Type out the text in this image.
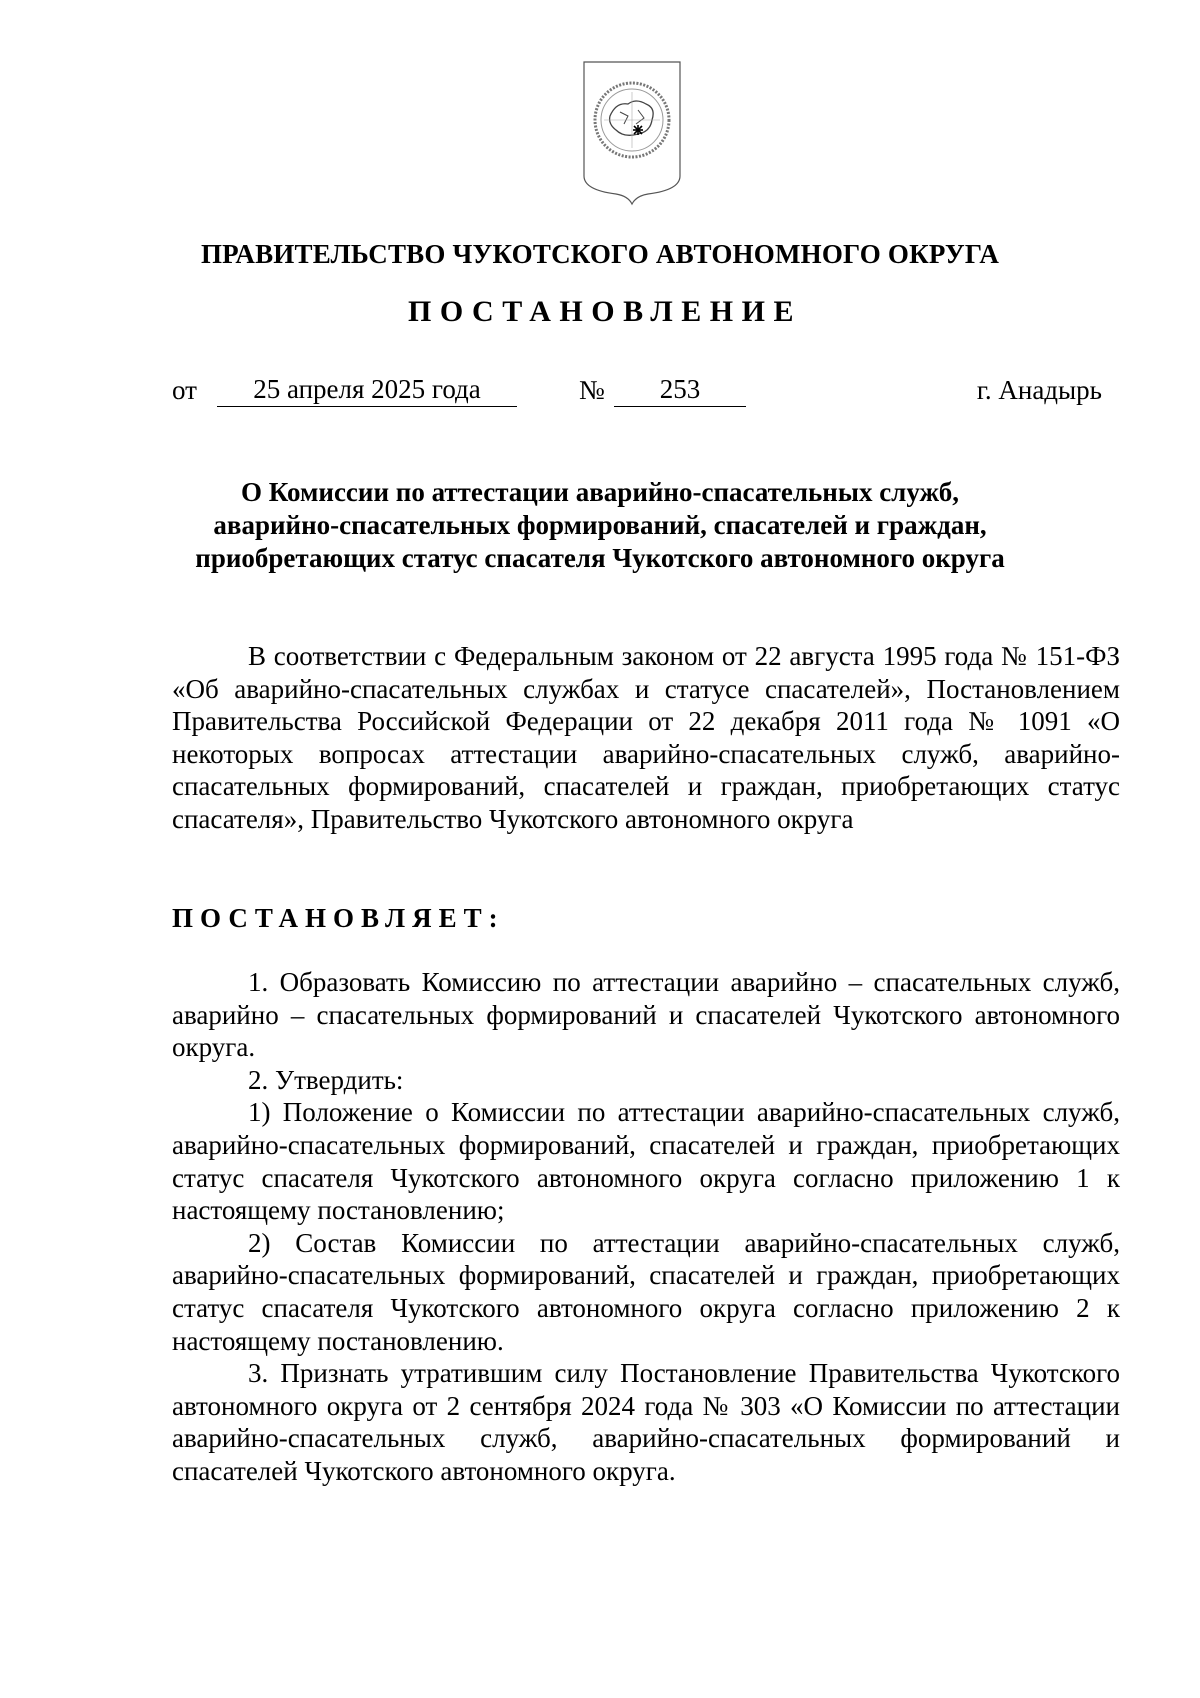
ПРАВИТЕЛЬСТВО ЧУКОТСКОГО АВТОНОМНОГО ОКРУГА
ПОСТАНОВЛЕНИЕ
от	25 апреля 2025 года	№	253	г. Анадырь
О Комиссии по аттестации аварийно-спасательных служб,
аварийно-спасательных формирований, спасателей и граждан,
приобретающих статус спасателя Чукотского автономного округа

В соответствии с Федеральным законом от 22 августа 1995 года № 151-ФЗ «Об аварийно-спасательных службах и статусе спасателей», Постановлением Правительства Российской Федерации от 22 декабря 2011 года № 1091 «О некоторых вопросах аттестации аварийно-спасательных служб, аварийно-спасательных формирований, спасателей и граждан, приобретающих статус спасателя», Правительство Чукотского автономного округа

ПОСТАНОВЛЯЕТ:

1. Образовать Комиссию по аттестации аварийно – спасательных служб, аварийно – спасательных формирований и спасателей Чукотского автономного округа.

2. Утвердить:

1) Положение о Комиссии по аттестации аварийно-спасательных служб, аварийно-спасательных формирований, спасателей и граждан, приобретающих статус спасателя Чукотского автономного округа согласно приложению 1 к настоящему постановлению;

2) Состав Комиссии по аттестации аварийно-спасательных служб, аварийно-спасательных формирований, спасателей и граждан, приобретающих статус спасателя Чукотского автономного округа согласно приложению 2 к настоящему постановлению.

3. Признать утратившим силу Постановление Правительства Чукотского автономного округа от 2 сентября 2024 года № 303 «О Комиссии по аттестации аварийно-спасательных служб, аварийно-спасательных формирований и спасателей Чукотского автономного округа.
